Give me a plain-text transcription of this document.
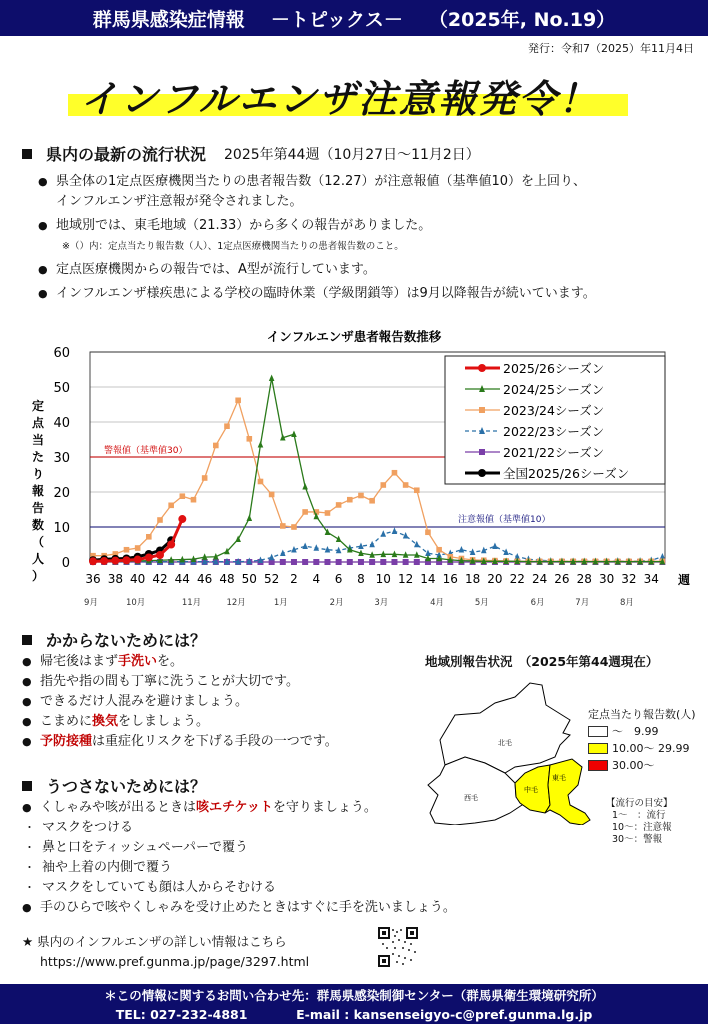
群馬県感染症情報 －トピックス－ （2025年, No.19）
発行：令和7（2025）年11月4日
インフルエンザ注意報発令！
県内の最新の流行状況 2025年第44週（10月27日～11月2日）
● 県全体の1定点医療機関当たりの患者報告数（12.27）が注意報値（基準値10）を上回り、
インフルエンザ注意報が発令されました。
● 地域別では、東毛地域（21.33）から多くの報告がありました。
※（）内：定点当たり報告数（人）、1定点医療機関当たりの患者報告数のこと。
● 定点医療機関からの報告では、A型が流行しています。
● インフルエンザ様疾患による学校の臨時休業（学級閉鎖等）は9月以降報告が続いています。
インフルエンザ患者報告数推移
0
10
20
30
40
50
60
定
点
当
た
り
報
告
数
（
人
）
警報値（基準値30）
注意報値（基準値10）
36 38 40 42 44 46 48 50 52 2 4 6 8 10 12 14 16 18 20 22 24 26 28 30 32 34 週
9月	10月	11月	12月	1月	2月	3月	4月	5月	6月	7月	8月
2025/26シーズン
2024/25シーズン
2023/24シーズン
2022/23シーズン
2021/22シーズン
全国2025/26シーズン
かからないためには？
● 帰宅後はまず手洗いを。
● 指先や指の間も丁寧に洗うことが大切です。
● できるだけ人混みを避けましょう。
● こまめに換気をしましょう。
● 予防接種は重症化リスクを下げる手段の一つです。
うつさないためには？
● くしゃみや咳が出るときは咳エチケットを守りましょう。
・ マスクをつける
・ 鼻と口をティッシュペーパーで覆う
・ 袖や上着の内側で覆う
・ マスクをしていても顔は人からそむける
● 手のひらで咳やくしゃみを受け止めたときはすぐに手を洗いましょう。
地域別報告状況　（2025年第44週現在）
北毛
西毛
中毛
東毛
定点当たり報告数(人)
～　9.99
10.00～ 29.99
30.00～
【流行の目安】
1～　：流行
10～：注意報
30～：警報
★ 県内のインフルエンザの詳しい情報はこちら
https://www.pref.gunma.jp/page/3297.html
＊この情報に関するお問い合わせ先：群馬県感染制御センター（群馬県衛生環境研究所）
TEL: 027-232-4881	E-mail : kansenseigyo-c@pref.gunma.lg.jp
